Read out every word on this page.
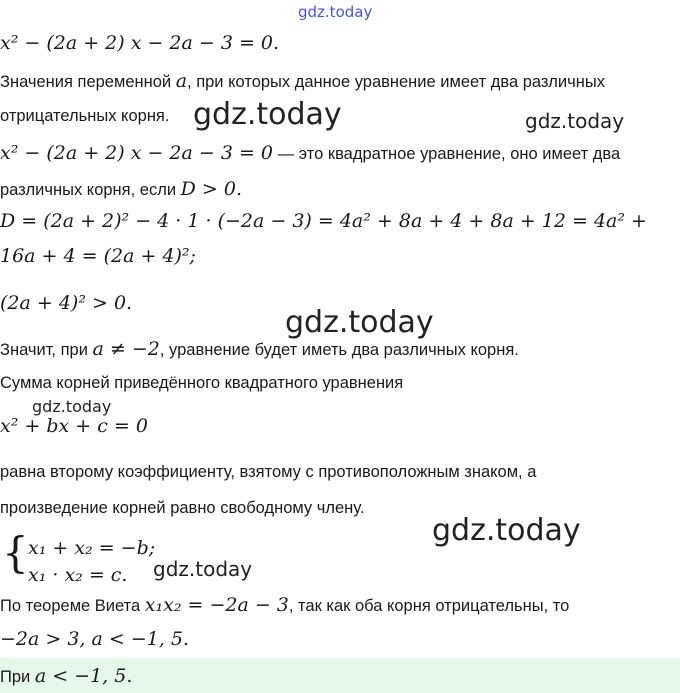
gdz.today
gdz.today	gdz.today
gdz.today
gdz.today
gdz.today
gdz.today
x² − (2a + 2) x − 2a − 3 = 0.
Значения переменной a, при которых данное уравнение имеет два различных
отрицательных корня.
x² − (2a + 2) x − 2a − 3 = 0 — это квадратное уравнение, оно имеет два
различных корня, если D > 0.
D = (2a + 2)² − 4 · 1 · (−2a − 3) = 4a² + 8a + 4 + 8a + 12 = 4a² +
16a + 4 = (2a + 4)²;
(2a + 4)² > 0.
Значит, при a ≠ −2, уравнение будет иметь два различных корня.
Сумма корней приведённого квадратного уравнения
x² + bx + c = 0
равна второму коэффициенту, взятому с противоположным знаком, а
произведение корней равно свободному члену.
{ x₁ + x₂ = −b;
x₁ · x₂ = c.
По теореме Виета x₁x₂ = −2a − 3, так как оба корня отрицательны, то
−2a > 3, a < −1, 5.
При a < −1, 5.
